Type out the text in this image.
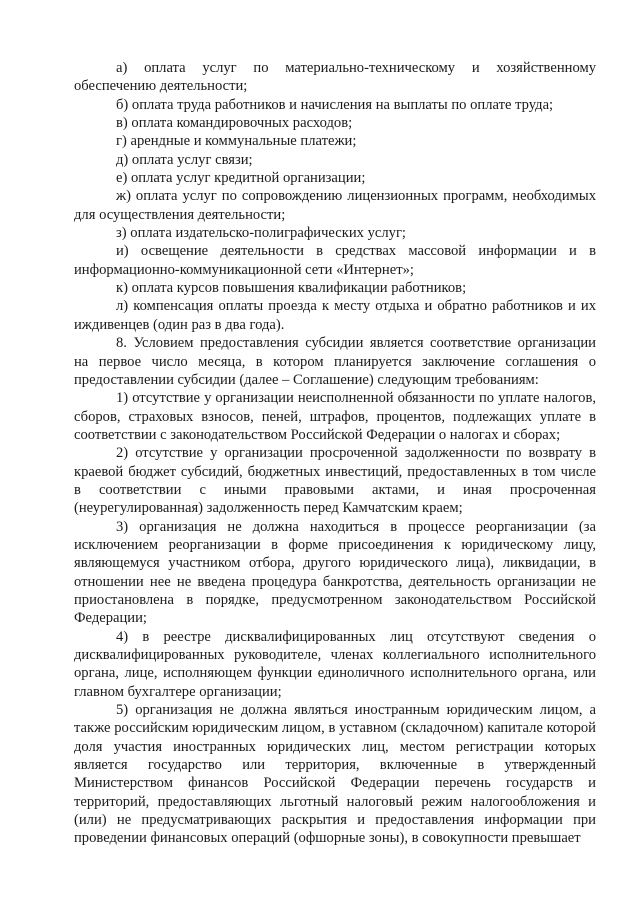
а) оплата услуг по материально-техническому и хозяйственному обеспечению деятельности;

б) оплата труда работников и начисления на выплаты по оплате труда;

в) оплата командировочных расходов;

г) арендные и коммунальные платежи;

д) оплата услуг связи;

е) оплата услуг кредитной организации;

ж) оплата услуг по сопровождению лицензионных программ, необходимых для осуществления деятельности;

з) оплата издательско-полиграфических услуг;

и) освещение деятельности в средствах массовой информации и в информационно-коммуникационной сети «Интернет»;

к) оплата курсов повышения квалификации работников;

л) компенсация оплаты проезда к месту отдыха и обратно работников и их иждивенцев (один раз в два года).

8. Условием предоставления субсидии является соответствие организации на первое число месяца, в котором планируется заключение соглашения о предоставлении субсидии (далее – Соглашение) следующим требованиям:

1) отсутствие у организации неисполненной обязанности по уплате налогов, сборов, страховых взносов, пеней, штрафов, процентов, подлежащих уплате в соответствии с законодательством Российской Федерации о налогах и сборах;

2) отсутствие у организации просроченной задолженности по возврату в краевой бюджет субсидий, бюджетных инвестиций, предоставленных в том числе в соответствии с иными правовыми актами, и иная просроченная (неурегулированная) задолженность перед Камчатским краем;

3) организация не должна находиться в процессе реорганизации (за исключением реорганизации в форме присоединения к юридическому лицу, являющемуся участником отбора, другого юридического лица), ликвидации, в отношении нее не введена процедура банкротства, деятельность организации не приостановлена в порядке, предусмотренном законодательством Российской Федерации;

4) в реестре дисквалифицированных лиц отсутствуют сведения о дисквалифицированных руководителе, членах коллегиального исполнительного органа, лице, исполняющем функции единоличного исполнительного органа, или главном бухгалтере организации;

5) организация не должна являться иностранным юридическим лицом, а также российским юридическим лицом, в уставном (складочном) капитале которой доля участия иностранных юридических лиц, местом регистрации которых является государство или территория, включенные в утвержденный Министерством финансов Российской Федерации перечень государств и территорий, предоставляющих льготный налоговый режим налогообложения и (или) не предусматривающих раскрытия и предоставления информации при проведении финансовых операций (офшорные зоны), в совокупности превышает
